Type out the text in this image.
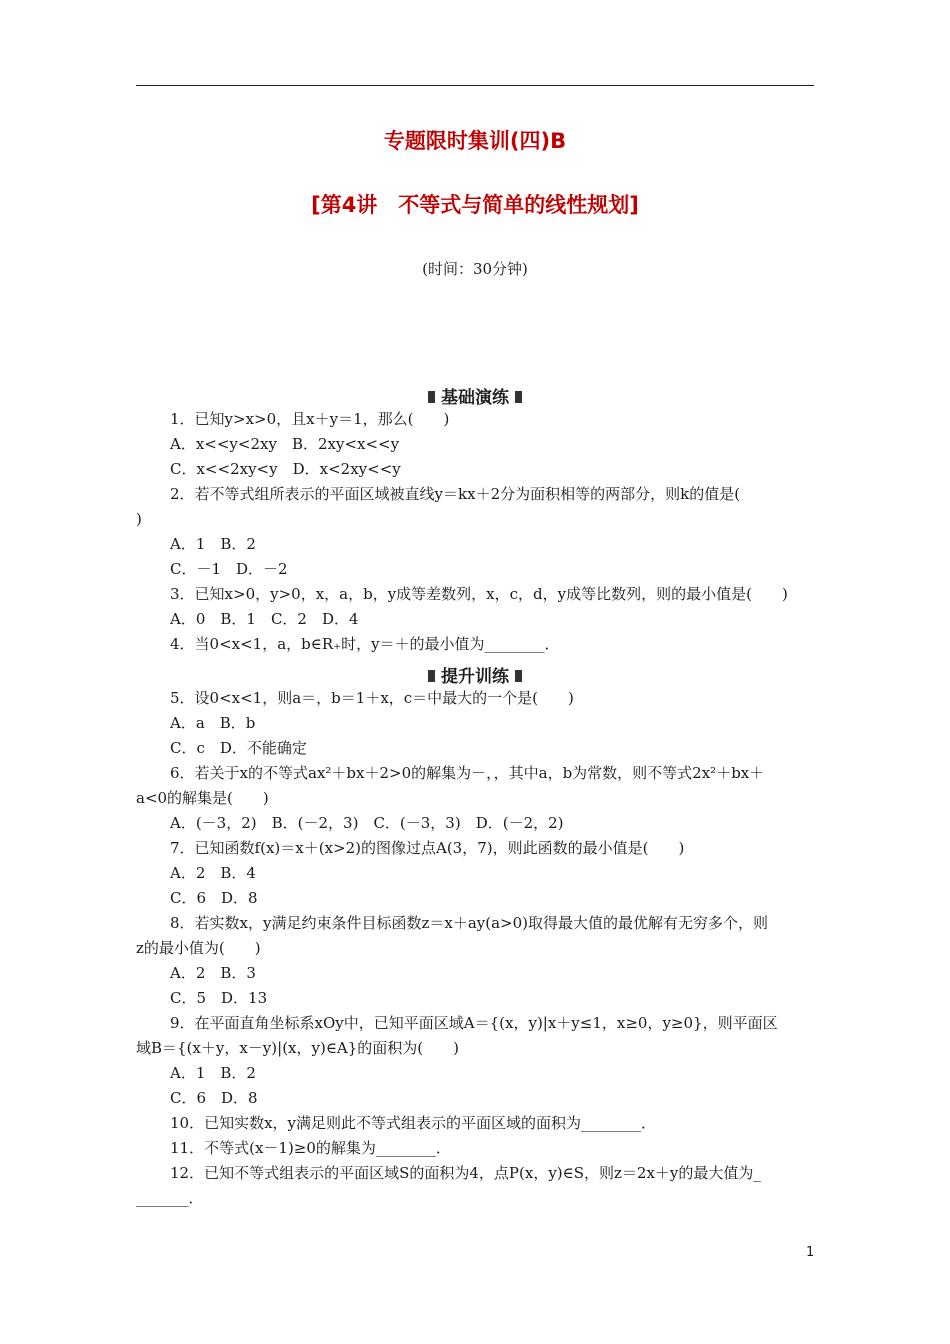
专题限时集训(四)B
[第4讲　不等式与简单的线性规划]
(时间：30分钟)
基础演练
1．已知y>x>0，且x＋y＝1，那么(　　)
A．x<<y<2xy　B．2xy<x<<y
C．x<<2xy<y　D．x<2xy<<y
2．若不等式组所表示的平面区域被直线y＝kx＋2分为面积相等的两部分，则k的值是(
)
A．1　B．2
C．－1　D．－2
3．已知x>0，y>0，x，a，b，y成等差数列，x，c，d，y成等比数列，则的最小值是(　　)
A．0　B．1　C．2　D．4
4．当0<x<1，a，b∈R₊时，y＝＋的最小值为________．
提升训练
5．设0<x<1，则a＝，b＝1＋x，c＝中最大的一个是(　　)
A．a　B．b
C．c　D．不能确定
6．若关于x的不等式ax²＋bx＋2>0的解集为－，，其中a，b为常数，则不等式2x²＋bx＋
a<0的解集是(　　)
A．(－3，2)　B．(－2，3)　C．(－3，3)　D．(－2，2)
7．已知函数f(x)＝x＋(x>2)的图像过点A(3，7)，则此函数的最小值是(　　)
A．2　B．4
C．6　D．8
8．若实数x，y满足约束条件目标函数z＝x＋ay(a>0)取得最大值的最优解有无穷多个，则
z的最小值为(　　)
A．2　B．3
C．5　D．13
9．在平面直角坐标系xOy中，已知平面区域A＝{(x，y)|x＋y≤1，x≥0，y≥0}，则平面区
域B＝{(x＋y，x－y)|(x，y)∈A}的面积为(　　)
A．1　B．2
C．6　D．8
10．已知实数x，y满足则此不等式组表示的平面区域的面积为________．
11．不等式(x－1)≥0的解集为________．
12．已知不等式组表示的平面区域S的面积为4，点P(x，y)∈S，则z＝2x＋y的最大值为_
_______．
1
